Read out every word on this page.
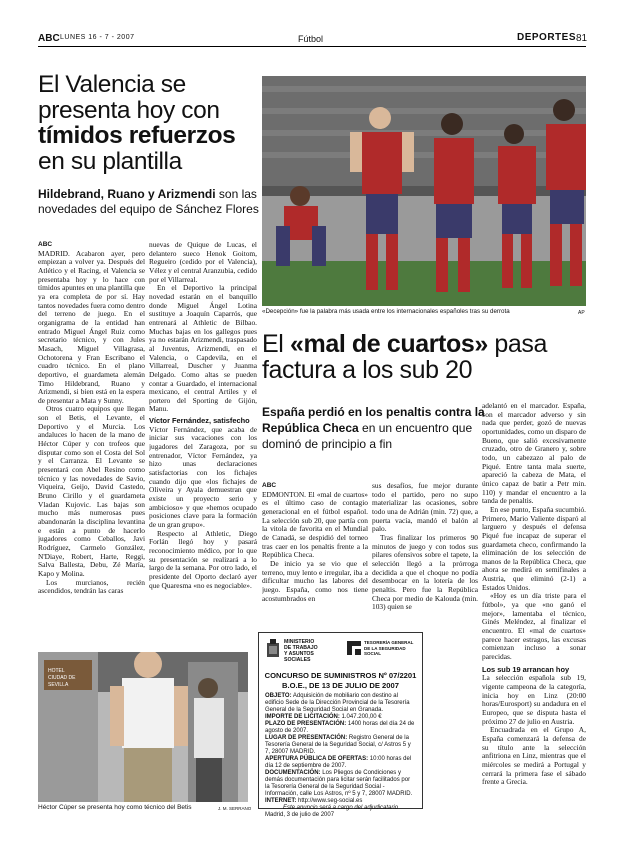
ABC LUNES 16 - 7 - 2007	Fútbol	DEPORTES 81
El Valencia se
presenta hoy con
tímidos refuerzos
en su plantilla
Hildebrand, Ruano y Arizmendi son las novedades del equipo de Sánchez Flores
ABC

MADRID. Acabaron ayer, pero empiezan a volver ya. Después del Atlético y el Racing, el Valencia se presentaba hoy y lo hace con tímidos apuntes en una plantilla que ya era completa de por sí. Hay tantos novedades fuera como dentro del terreno de juego. En el organigrama de la entidad han entrado Miguel Ángel Ruiz como secretario técnico, y con Jules Masach, Miguel Villagrasa, Ochotorena y Fran Escribano el cuadro técnico. En el plano deportivo, el guardameta alemán Timo Hildebrand, Ruano y Arizmendi, si bien está en la espera de presentar a Mata y Sunny.

Otros cuatro equipos que llegan son el Betis, el Levante, el Deportivo y el Murcia. Los andaluces lo hacen de la mano de Héctor Cúper y con trofeos que disputar como son el Costa del Sol y el Carranza. El Levante se presentará con Abel Resino como técnico y las novedades de Savio, Viqueira, Geijo, David Castedo, Bruno Cirillo y el guardameta Vladan Kujovic. Las bajas son mucho más numerosas pues abandonarán la disciplina levantina e están a punto de hacerlo jugadores como Ceballos, Javi Rodríguez, Carmelo González, N'Diaye, Robert, Harte, Reggi, Salva Ballesta, Debu, Zé María, Kapo y Molina.

Los murcianos, recién ascendidos, tendrán las caras

nuevas de Quique de Lucas, el delantero sueco Henok Goitom, Regueiro (cedido por el Valencia), Vélez y el central Aranzubia, cedido por el Villarreal.

En el Deportivo la principal novedad estarán en el banquillo donde Miguel Ángel Lotina sustituye a Joaquín Caparrós, que entrenará al Athletic de Bilbao. Muchas bajas en los gallegos pues ya no estarán Arizmendi, traspasado al Juventus, Arizmendi, en el Valencia, o Capdevila, en el Villarreal, Duscher y Juanma Delgado. Como altas se pueden contar a Guardado, el internacional mexicano, el central Artiles y el portero del Sporting de Gijón, Manu.

Víctor Fernández, satisfecho

Víctor Fernández, que acaba de iniciar sus vacaciones con los jugadores del Zaragoza, por su entrenador, Víctor Fernández, ya hizo unas declaraciones satisfactorias con los fichajes cuando dijo que «los fichajes de Oliveira y Ayala demuestran que existe un proyecto serio y ambicioso» y que «hemos ocupado posiciones clave para la formación de un gran grupo».

Respecto al Athletic, Diego Forlán llegó hoy y pasará reconocimiento médico, por lo que su presentación se realizará a lo largo de la semana. Por otro lado, el presidente del Oporto declaró ayer que Quaresma «no es negociable».

«Decepción» fue la palabra más usada entre los internacionales españoles tras su derrota	AP
El «mal de cuartos» pasa
factura a los sub 20
España perdió en los penaltis contra la República Checa en un encuentro que dominó de principio a fin
ABC

EDMONTON. El «mal de cuartos» es el último caso de contagio generacional en el fútbol español. La selección sub 20, que partía con la vitola de favorita en el Mundial de Canadá, se despidió del torneo tras caer en los penaltis frente a la República Checa.

De inicio ya se vio que el terreno, muy lento e irregular, iba a dificultar mucho las labores del juego. España, como nos tiene acostumbrados en

sus desafíos, fue mejor durante todo el partido, pero no supo materializar las ocasiones, sobre todo una de Adrián (min. 72) que, a puerta vacía, mandó el balón al palo.

Tras finalizar los primeros 90 minutos de juego y con todos sus pilares ofensivos sobre el tapete, la selección llegó a la prórroga decidida a que el choque no podía desembocar en la lotería de los penaltis. Pero fue la República Checa por medio de Kalouda (min. 103) quien se

adelantó en el marcador. España, con el marcador adverso y sin nada que perder, gozó de nuevas oportunidades, como un disparo de Bueno, que salió excesivamente cruzado, otro de Granero y, sobre todo, un cabezazo al palo de Piqué. Entre tanta mala suerte, apareció la cabeza de Mata, el único capaz de batir a Petr min. 110) y mandar el encuentro a la tanda de penaltis.

En ese punto, España sucumbió. Primero, Mario Valiente disparó al larguero y después el defensa Piqué fue incapaz de superar el guardameta checo, confirmando la eliminación de los selección de manos de la República Checa, que ahora se medirá en semifinales a Austria, que eliminó (2-1) a Estados Unidos.

«Hoy es un día triste para el fútbol», ya que «no ganó el mejor», lamentaba el técnico, Ginés Meléndez, al finalizar el encuentro. El «mal de cuartos» parece hacer estragos, las excusas comienzan incluso a sonar parecidas.

Los sub 19 arrancan hoy

La selección española sub 19, vigente campeona de la categoría, inicia hoy en Linz (20:00 horas/Eurosport) su andadura en el Europeo, que se disputa hasta el próximo 27 de julio en Austria.

Encuadrada en el Grupo A, España comenzará la defensa de su título ante la selección anfitriona en Linz, mientras que el miércoles se medirá a Portugal y cerrará la primera fase el sábado frente a Grecia.

HOTEL
CIUDAD DE
SEVILLA
Héctor Cúper se presenta hoy como técnico del Betis	J. M. SERRANO
MINISTERIO
DE TRABAJO
Y ASUNTOS SOCIALES
TESORERÍA GENERAL
DE LA SEGURIDAD
SOCIAL
CONCURSO DE SUMINISTROS Nº 07/2201
B.O.E., DE 13 DE JULIO DE 2007
OBJETO: Adquisición de mobiliario con destino al edificio Sede de la Dirección Provincial de la Tesorería General de la Seguridad Social en Granada.
IMPORTE DE LICITACIÓN: 1.047.200,00 €
PLAZO DE PRESENTACIÓN: 1400 horas del día 24 de agosto de 2007.
LUGAR DE PRESENTACIÓN: Registro General de la Tesorería General de la Seguridad Social, c/ Astros 5 y 7, 28007 MADRID.
APERTURA PÚBLICA DE OFERTAS: 10:00 horas del día 12 de septiembre de 2007.
DOCUMENTACIÓN: Los Pliegos de Condiciones y demás documentación para licitar serán facilitados por la Tesorería General de la Seguridad Social - Información, calle Los Astros, nº 5 y 7, 28007 MADRID.
INTERNET: http://www.seg-social.es
Este anuncio será a cargo del adjudicatario
Madrid, 3 de julio de 2007
